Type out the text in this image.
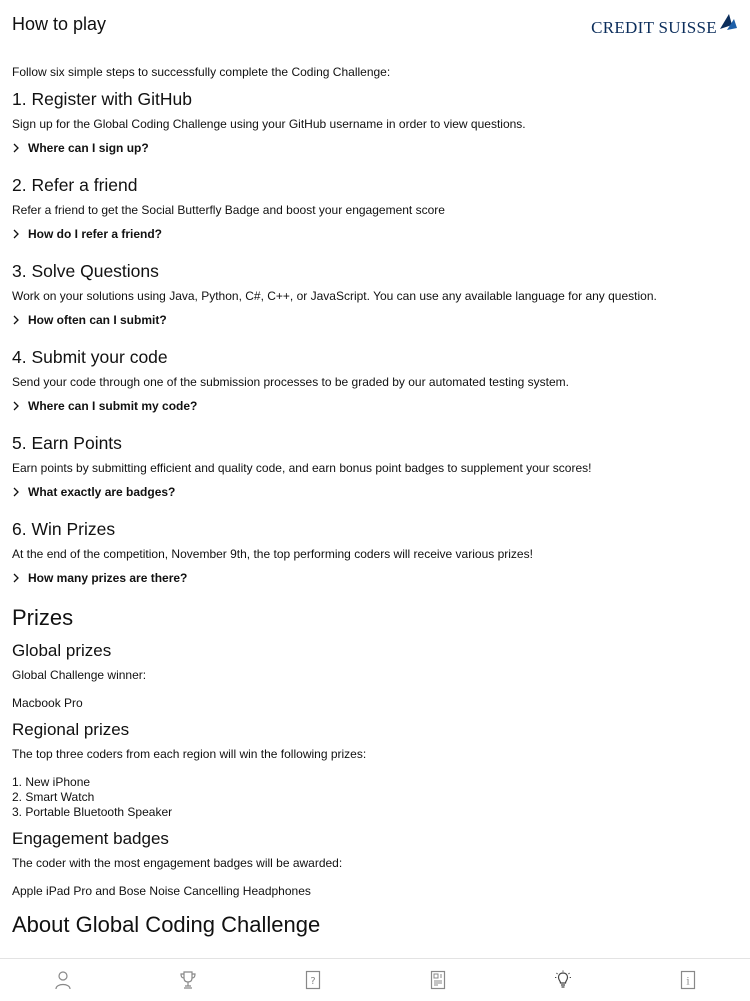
How to play	CREDIT SUISSE

Follow six simple steps to successfully complete the Coding Challenge:

1. Register with GitHub

Sign up for the Global Coding Challenge using your GitHub username in order to view questions.

Where can I sign up?
2. Refer a friend

Refer a friend to get the Social Butterfly Badge and boost your engagement score

How do I refer a friend?
3. Solve Questions

Work on your solutions using Java, Python, C#, C++, or JavaScript. You can use any available language for any question.

How often can I submit?
4. Submit your code

Send your code through one of the submission processes to be graded by our automated testing system.

Where can I submit my code?
5. Earn Points

Earn points by submitting efficient and quality code, and earn bonus point badges to supplement your scores!

What exactly are badges?
6. Win Prizes

At the end of the competition, November 9th, the top performing coders will receive various prizes!

How many prizes are there?
Prizes
Global prizes

Global Challenge winner:

Macbook Pro

Regional prizes

The top three coders from each region will win the following prizes:

1. New iPhone

2. Smart Watch

3. Portable Bluetooth Speaker

Engagement badges

The coder with the most engagement badges will be awarded:

Apple iPad Pro and Bose Noise Cancelling Headphones

About Global Coding Challenge
?	i
